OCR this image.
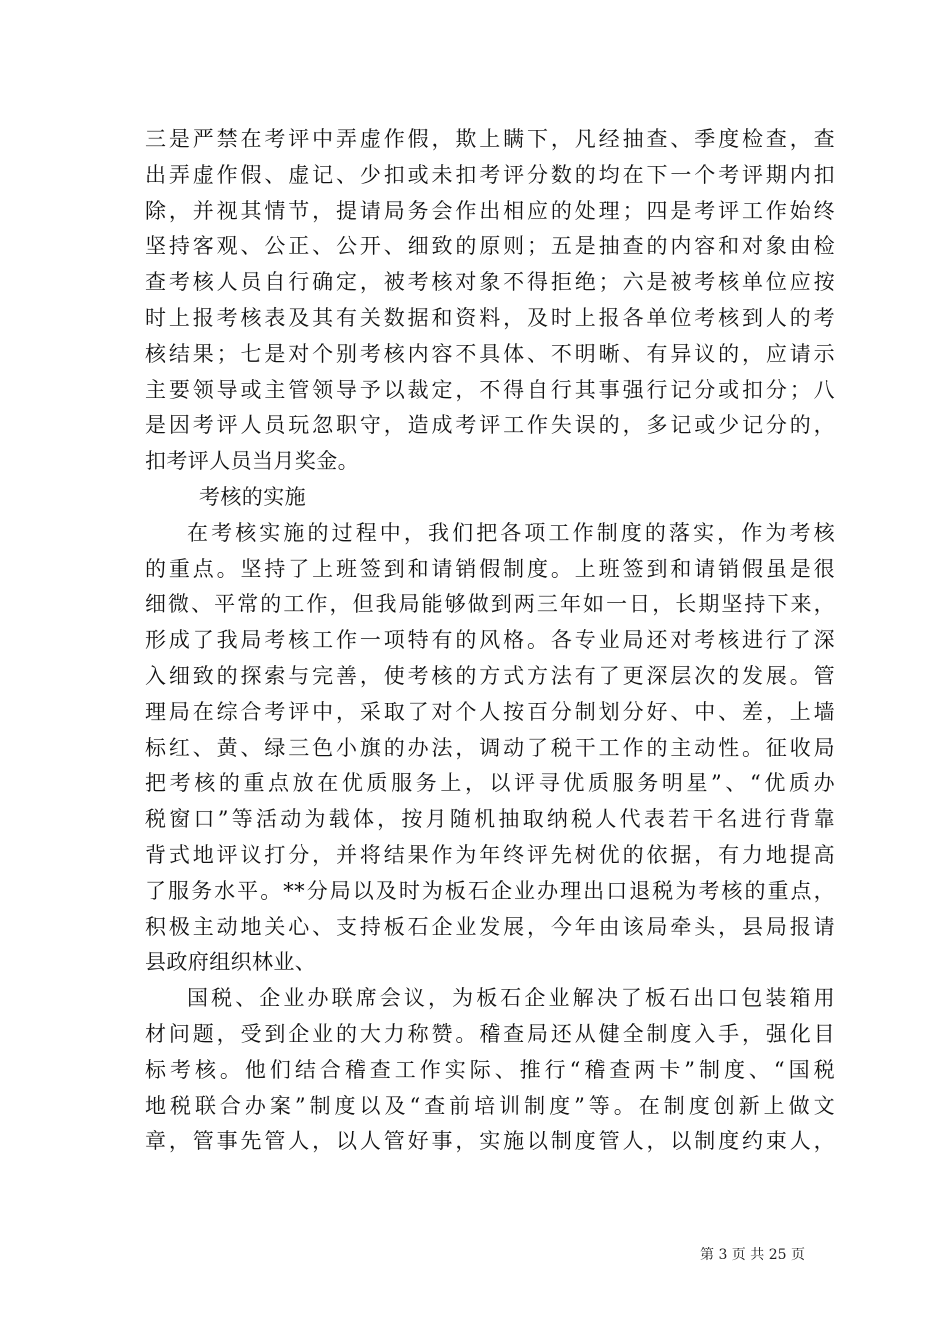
三是严禁在考评中弄虚作假，欺上瞒下，凡经抽查、季度检查，查
出弄虚作假、虚记、少扣或未扣考评分数的均在下一个考评期内扣
除，并视其情节，提请局务会作出相应的处理；四是考评工作始终
坚持客观、公正、公开、细致的原则；五是抽查的内容和对象由检
查考核人员自行确定，被考核对象不得拒绝；六是被考核单位应按
时上报考核表及其有关数据和资料，及时上报各单位考核到人的考
核结果；七是对个别考核内容不具体、不明晰、有异议的，应请示
主要领导或主管领导予以裁定，不得自行其事强行记分或扣分；八
是因考评人员玩忽职守，造成考评工作失误的，多记或少记分的，
扣考评人员当月奖金。
考核的实施
在考核实施的过程中，我们把各项工作制度的落实，作为考核
的重点。坚持了上班签到和请销假制度。上班签到和请销假虽是很
细微、平常的工作，但我局能够做到两三年如一日，长期坚持下来，
形成了我局考核工作一项特有的风格。各专业局还对考核进行了深
入细致的探索与完善，使考核的方式方法有了更深层次的发展。管
理局在综合考评中，采取了对个人按百分制划分好、中、差，上墙
标红、黄、绿三色小旗的办法，调动了税干工作的主动性。征收局
把考核的重点放在优质服务上，以评寻优质服务明星”、“优质办
税窗口”等活动为载体，按月随机抽取纳税人代表若干名进行背靠
背式地评议打分，并将结果作为年终评先树优的依据，有力地提高
了服务水平。**分局以及时为板石企业办理出口退税为考核的重点，
积极主动地关心、支持板石企业发展，今年由该局牵头，县局报请
县政府组织林业、
国税、企业办联席会议，为板石企业解决了板石出口包装箱用
材问题，受到企业的大力称赞。稽查局还从健全制度入手，强化目
标考核。他们结合稽查工作实际、推行“稽查两卡”制度、“国税
地税联合办案”制度以及“查前培训制度”等。在制度创新上做文
章，管事先管人，以人管好事，实施以制度管人，以制度约束人，
第 3 页 共 25 页
